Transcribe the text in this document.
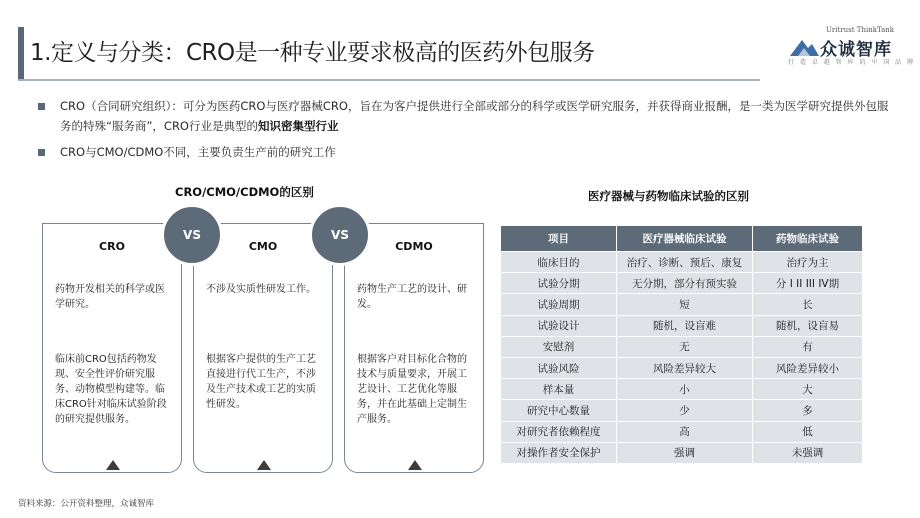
1.定义与分类：CRO是一种专业要求极高的医药外包服务
Uritrust ThinkTank
众诚智库
打 造 卓 越 智 库 的 中 国 品 牌
CRO（合同研究组织）：可分为医药CRO与医疗器械CRO，旨在为客户提供进行全部或部分的科学或医学研究服务，并获得商业报酬，是一类为医学研究提供外包服务的特殊“服务商”，CRO行业是典型的知识密集型行业
CRO与CMO/CDMO不同，主要负责生产前的研究工作
CRO/CMO/CDMO的区别
CRO
药物开发相关的科学或医学研究。
临床前CRO包括药物发现、安全性评价研究服务、动物模型构建等。临床CRO针对临床试验阶段的研究提供服务。
CMO
不涉及实质性研发工作。
根据客户提供的生产工艺直接进行代工生产，不涉及生产技术或工艺的实质性研发。
CDMO
药物生产工艺的设计、研发。
根据客户对目标化合物的技术与质量要求，开展工艺设计、工艺优化等服务，并在此基础上定制生产服务。
VS	VS
医疗器械与药物临床试验的区别
项目	医疗器械临床试验	药物临床试验
临床目的	治疗、诊断、预后、康复	治疗为主
试验分期	无分期，部分有预实验	分 I II III IV期
试验周期	短	长
试验设计	随机，设盲难	随机，设盲易
安慰剂	无	有
试验风险	风险差异较大	风险差异较小
样本量	小	大
研究中心数量	少	多
对研究者依赖程度	高	低
对操作者安全保护	强调	未强调
资料来源：公开资料整理，众诚智库
